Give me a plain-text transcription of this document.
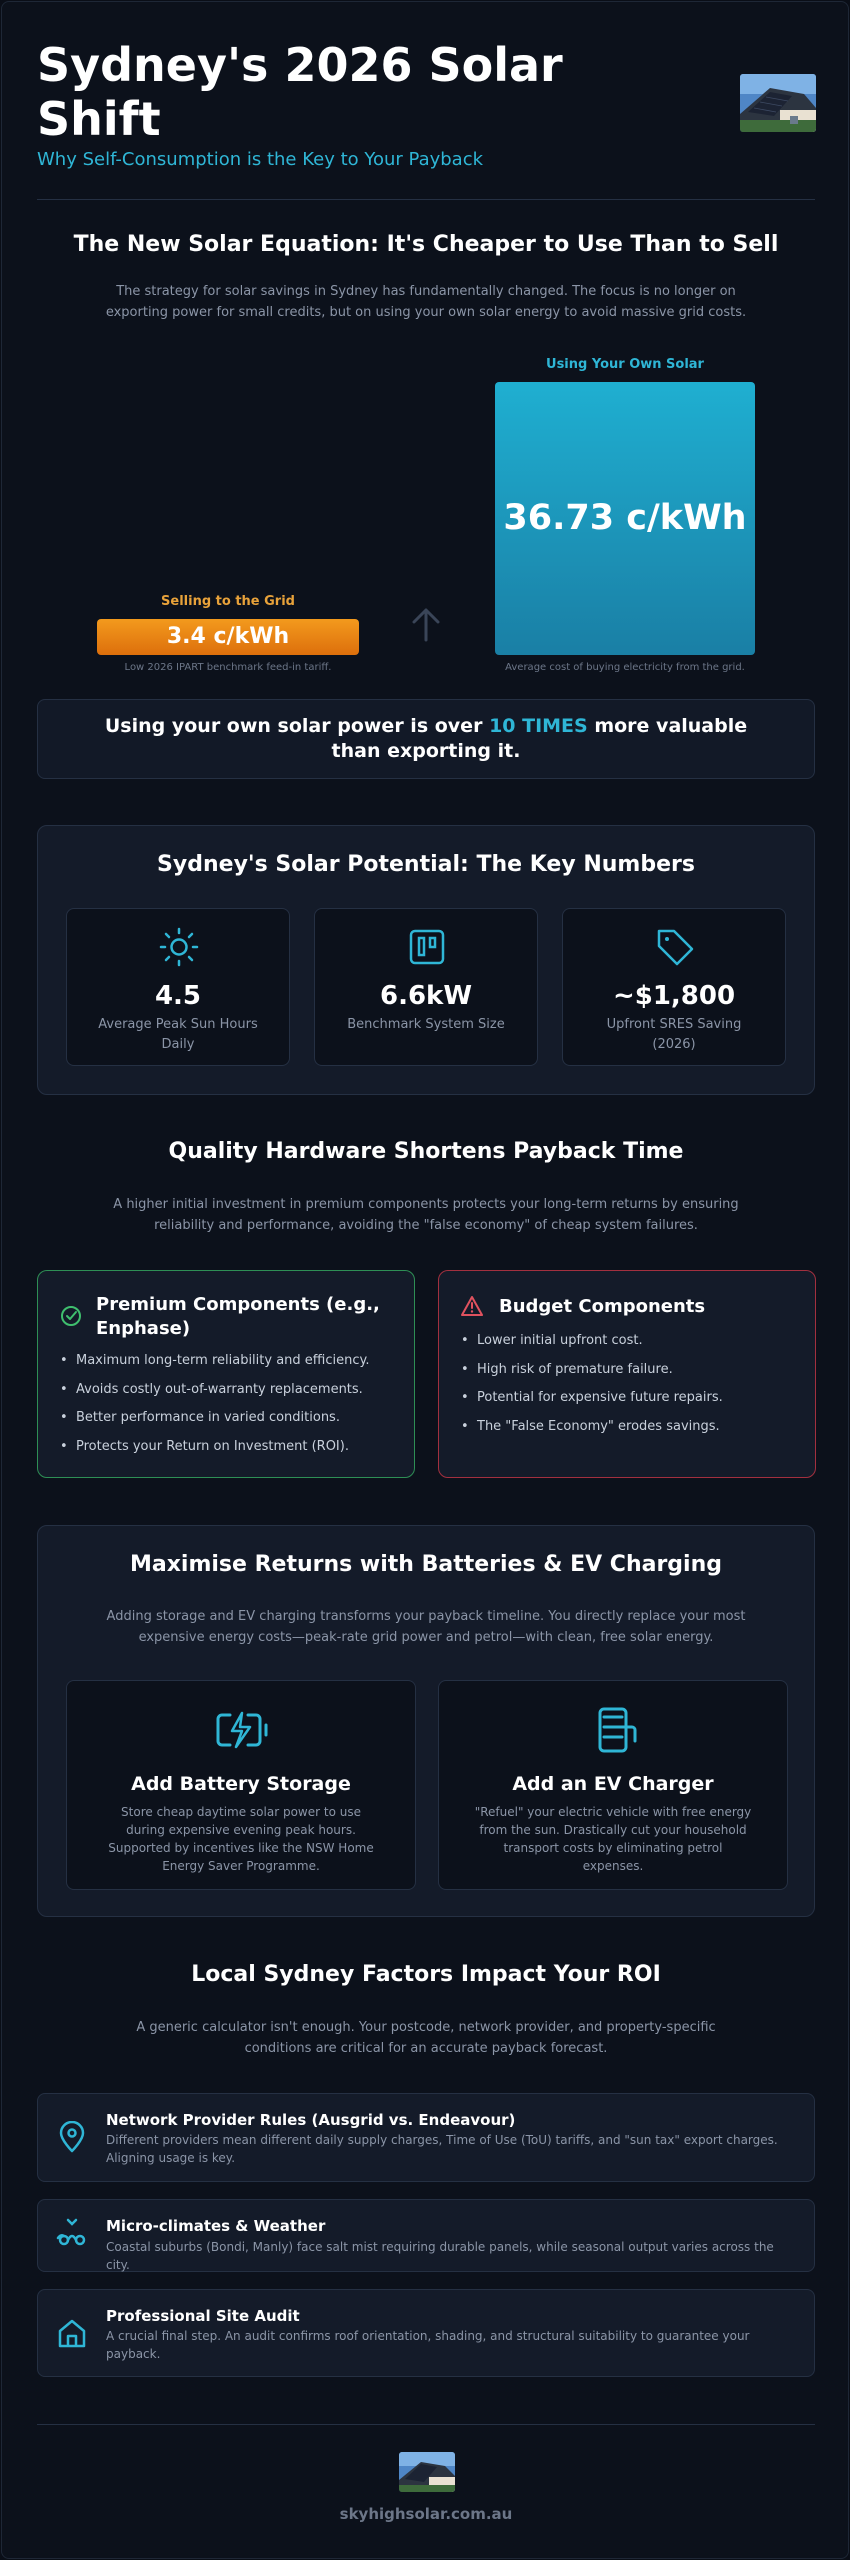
Sydney's 2026 Solar Shift
Why Self-Consumption is the Key to Your Payback
The New Solar Equation: It's Cheaper to Use Than to Sell

The strategy for solar savings in Sydney has fundamentally changed. The focus is no longer on exporting power for small credits, but on using your own solar energy to avoid massive grid costs.

Using Your Own Solar
36.73 c/kWh
Average cost of buying electricity from the grid.
Selling to the Grid
3.4 c/kWh
Low 2026 IPART benchmark feed-in tariff.
Using your own solar power is over 10 TIMES more valuable than exporting it.
Sydney's Solar Potential: The Key Numbers
4.5
Average Peak Sun Hours Daily
6.6kW
Benchmark System Size
~$1,800
Upfront SRES Saving (2026)
Quality Hardware Shortens Payback Time

A higher initial investment in premium components protects your long-term returns by ensuring reliability and performance, avoiding the "false economy" of cheap system failures.

Premium Components (e.g., Enphase)
• Maximum long-term reliability and efficiency.
• Avoids costly out-of-warranty replacements.
• Better performance in varied conditions.
• Protects your Return on Investment (ROI).
Budget Components
• Lower initial upfront cost.
• High risk of premature failure.
• Potential for expensive future repairs.
• The "False Economy" erodes savings.
Maximise Returns with Batteries & EV Charging

Adding storage and EV charging transforms your payback timeline. You directly replace your most expensive energy costs—peak-rate grid power and petrol—with clean, free solar energy.

Add Battery Storage
Store cheap daytime solar power to use during expensive evening peak hours. Supported by incentives like the NSW Home Energy Saver Programme.
Add an EV Charger
"Refuel" your electric vehicle with free energy from the sun. Drastically cut your household transport costs by eliminating petrol expenses.
Local Sydney Factors Impact Your ROI

A generic calculator isn't enough. Your postcode, network provider, and property-specific conditions are critical for an accurate payback forecast.

Network Provider Rules (Ausgrid vs. Endeavour)
Different providers mean different daily supply charges, Time of Use (ToU) tariffs, and "sun tax" export charges. Aligning usage is key.
Micro-climates & Weather
Coastal suburbs (Bondi, Manly) face salt mist requiring durable panels, while seasonal output varies across the city.
Professional Site Audit
A crucial final step. An audit confirms roof orientation, shading, and structural suitability to guarantee your payback.
skyhighsolar.com.au
